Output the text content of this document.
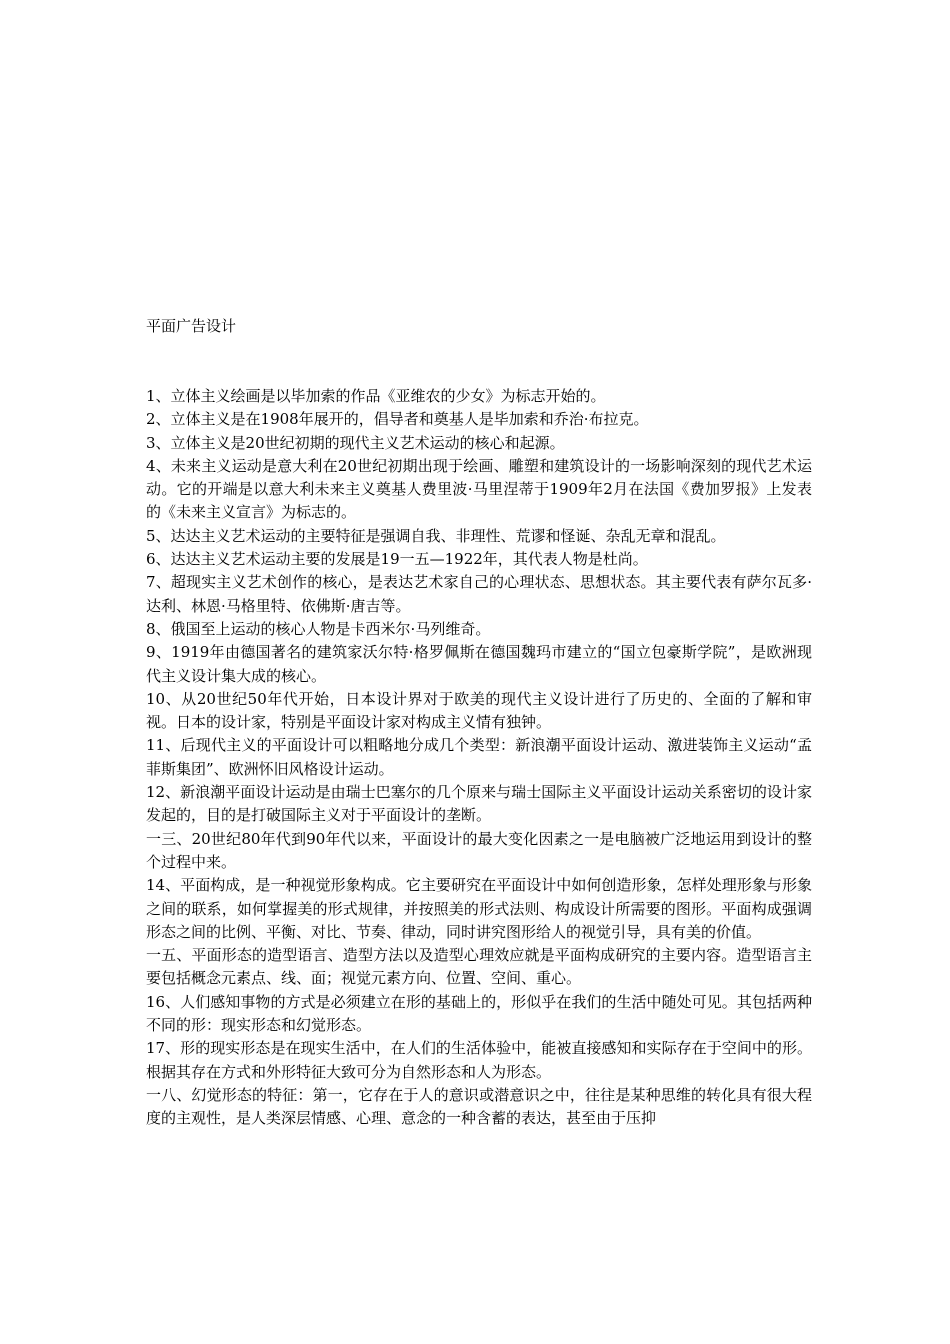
平面广告设计

1、立体主义绘画是以毕加索的作品《亚维农的少女》为标志开始的。

2、立体主义是在1908年展开的，倡导者和奠基人是毕加索和乔治·布拉克。

3、立体主义是20世纪初期的现代主义艺术运动的核心和起源。

4、未来主义运动是意大利在20世纪初期出现于绘画、雕塑和建筑设计的一场影响深刻的现代艺术运动。它的开端是以意大利未来主义奠基人费里波·马里涅蒂于1909年2月在法国《费加罗报》上发表的《未来主义宣言》为标志的。

5、达达主义艺术运动的主要特征是强调自我、非理性、荒谬和怪诞、杂乱无章和混乱。

6、达达主义艺术运动主要的发展是19一五—1922年，其代表人物是杜尚。

7、超现实主义艺术创作的核心，是表达艺术家自己的心理状态、思想状态。其主要代表有萨尔瓦多·达利、林恩·马格里特、依佛斯·唐吉等。

8、俄国至上运动的核心人物是卡西米尔·马列维奇。

9、1919年由德国著名的建筑家沃尔特·格罗佩斯在德国魏玛市建立的“国立包豪斯学院”，是欧洲现代主义设计集大成的核心。

10、从20世纪50年代开始，日本设计界对于欧美的现代主义设计进行了历史的、全面的了解和审视。日本的设计家，特别是平面设计家对构成主义情有独钟。

11、后现代主义的平面设计可以粗略地分成几个类型：新浪潮平面设计运动、激进装饰主义运动“孟菲斯集团”、欧洲怀旧风格设计运动。

12、新浪潮平面设计运动是由瑞士巴塞尔的几个原来与瑞士国际主义平面设计运动关系密切的设计家发起的，目的是打破国际主义对于平面设计的垄断。

一三、20世纪80年代到90年代以来，平面设计的最大变化因素之一是电脑被广泛地运用到设计的整个过程中来。

14、平面构成，是一种视觉形象构成。它主要研究在平面设计中如何创造形象，怎样处理形象与形象之间的联系，如何掌握美的形式规律，并按照美的形式法则、构成设计所需要的图形。平面构成强调形态之间的比例、平衡、对比、节奏、律动，同时讲究图形给人的视觉引导，具有美的价值。

一五、平面形态的造型语言、造型方法以及造型心理效应就是平面构成研究的主要内容。造型语言主要包括概念元素点、线、面；视觉元素方向、位置、空间、重心。

16、人们感知事物的方式是必须建立在形的基础上的，形似乎在我们的生活中随处可见。其包括两种不同的形：现实形态和幻觉形态。

17、形的现实形态是在现实生活中，在人们的生活体验中，能被直接感知和实际存在于空间中的形。根据其存在方式和外形特征大致可分为自然形态和人为形态。

一八、幻觉形态的特征：第一，它存在于人的意识或潜意识之中，往往是某种思维的转化具有很大程度的主观性，是人类深层情感、心理、意念的一种含蓄的表达，甚至由于压抑
